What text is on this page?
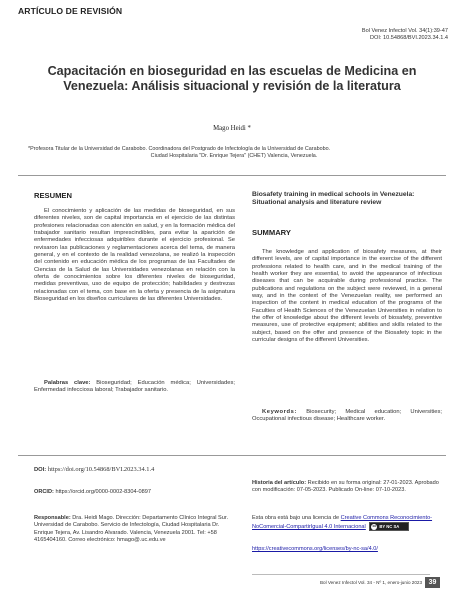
ARTÍCULO DE REVISIÓN
Bol Venez Infectol Vol. 34(1):39-47
DOI: 10.54868/BVI.2023.34.1.4
Capacitación en bioseguridad en las escuelas de Medicina en Venezuela: Análisis situacional y revisión de la literatura
Mago Heidi *
*Profesora Titular de la Universidad de Carabobo. Coordinadora del Postgrado de Infectología de la Universidad de Carabobo.
Ciudad Hospitalaria "Dr. Enrique Tejera" (CHET) Valencia, Venezuela.
RESUMEN

El conocimiento y aplicación de las medidas de bioseguridad, en sus diferentes niveles, son de capital importancia en el ejercicio de las distintas profesiones relacionadas con atención en salud, y en la formación médica del trabajador sanitario resultan imprescindibles, para evitar la aparición de enfermedades infecciosas adquiribles durante el ejercicio profesional. Se revisaron las publicaciones y reglamentaciones acerca del tema, de manera general, y en el contexto de la realidad venezolana, se realizó la inspección del contenido en educación médica de los programas de las Facultades de Ciencias de la Salud de las Universidades venezolanas en relación con la oferta de conocimientos sobre los diferentes niveles de bioseguridad, medidas preventivas, uso de equipo de protección; habilidades y destrezas relacionadas con el tema, con base en la oferta y presencia de la asignatura Bioseguridad en los diseños curriculares de las diferentes Universidades.

Palabras clave: Bioseguridad; Educación médica; Universidades; Enfermedad infecciosa laboral; Trabajador sanitario.

Biosafety training in medical schools in Venezuela: Situational analysis and literature review
SUMMARY

The knowledge and application of biosafety measures, at their different levels, are of capital importance in the exercise of the different professions related to health care, and in the medical training of the health worker they are essential, to avoid the appearance of infectious diseases that can be acquirable during professional practice. The publications and regulations on the subject were reviewed, in a general way, and in the context of the Venezuelan reality, we performed an inspection of the content in medical education of the programs of the Faculties of Health Sciences of the Venezuelan Universities in relation to the offer of knowledge about the different levels of biosafety, preventive measures, use of protective equipment; abilities and skills related to the subject, based on the offer and presence of the Biosafety topic in the curricular designs of the different Universities.

Keywords: Biosecurity; Medical education; Universities; Occupational infectious disease; Healthcare worker.

DOI: https://doi.org/10.54868/BVI.2023.34.1.4
ORCID: https://orcid.org/0000-0002-8304-0897
Responsable: Dra. Heidi Mago. Dirección: Departamento Clínico Integral Sur. Universidad de Carabobo. Servicio de Infectología, Ciudad Hospitalaria Dr. Enrique Tejera, Av. Lisandro Alvarado. Valencia, Venezuela 2001. Tel: +58 4165404160. Correo electrónico: hmago@.uc.edu.ve
Historia del artículo: Recibido en su forma original: 27-01-2023. Aprobado con modificación: 07-05-2023. Publicado On-line: 07-10-2023.
Esta obra está bajo una licencia de Creative Commons Reconocimiento-NoComercial-CompartirIgual 4.0 Internacional	cc BY NC SA
https://creativecommons.org/licenses/by-nc-sa/4.0/
Bol Venez Infectol Vol. 34 - Nº 1, enero-junio 2023 39
